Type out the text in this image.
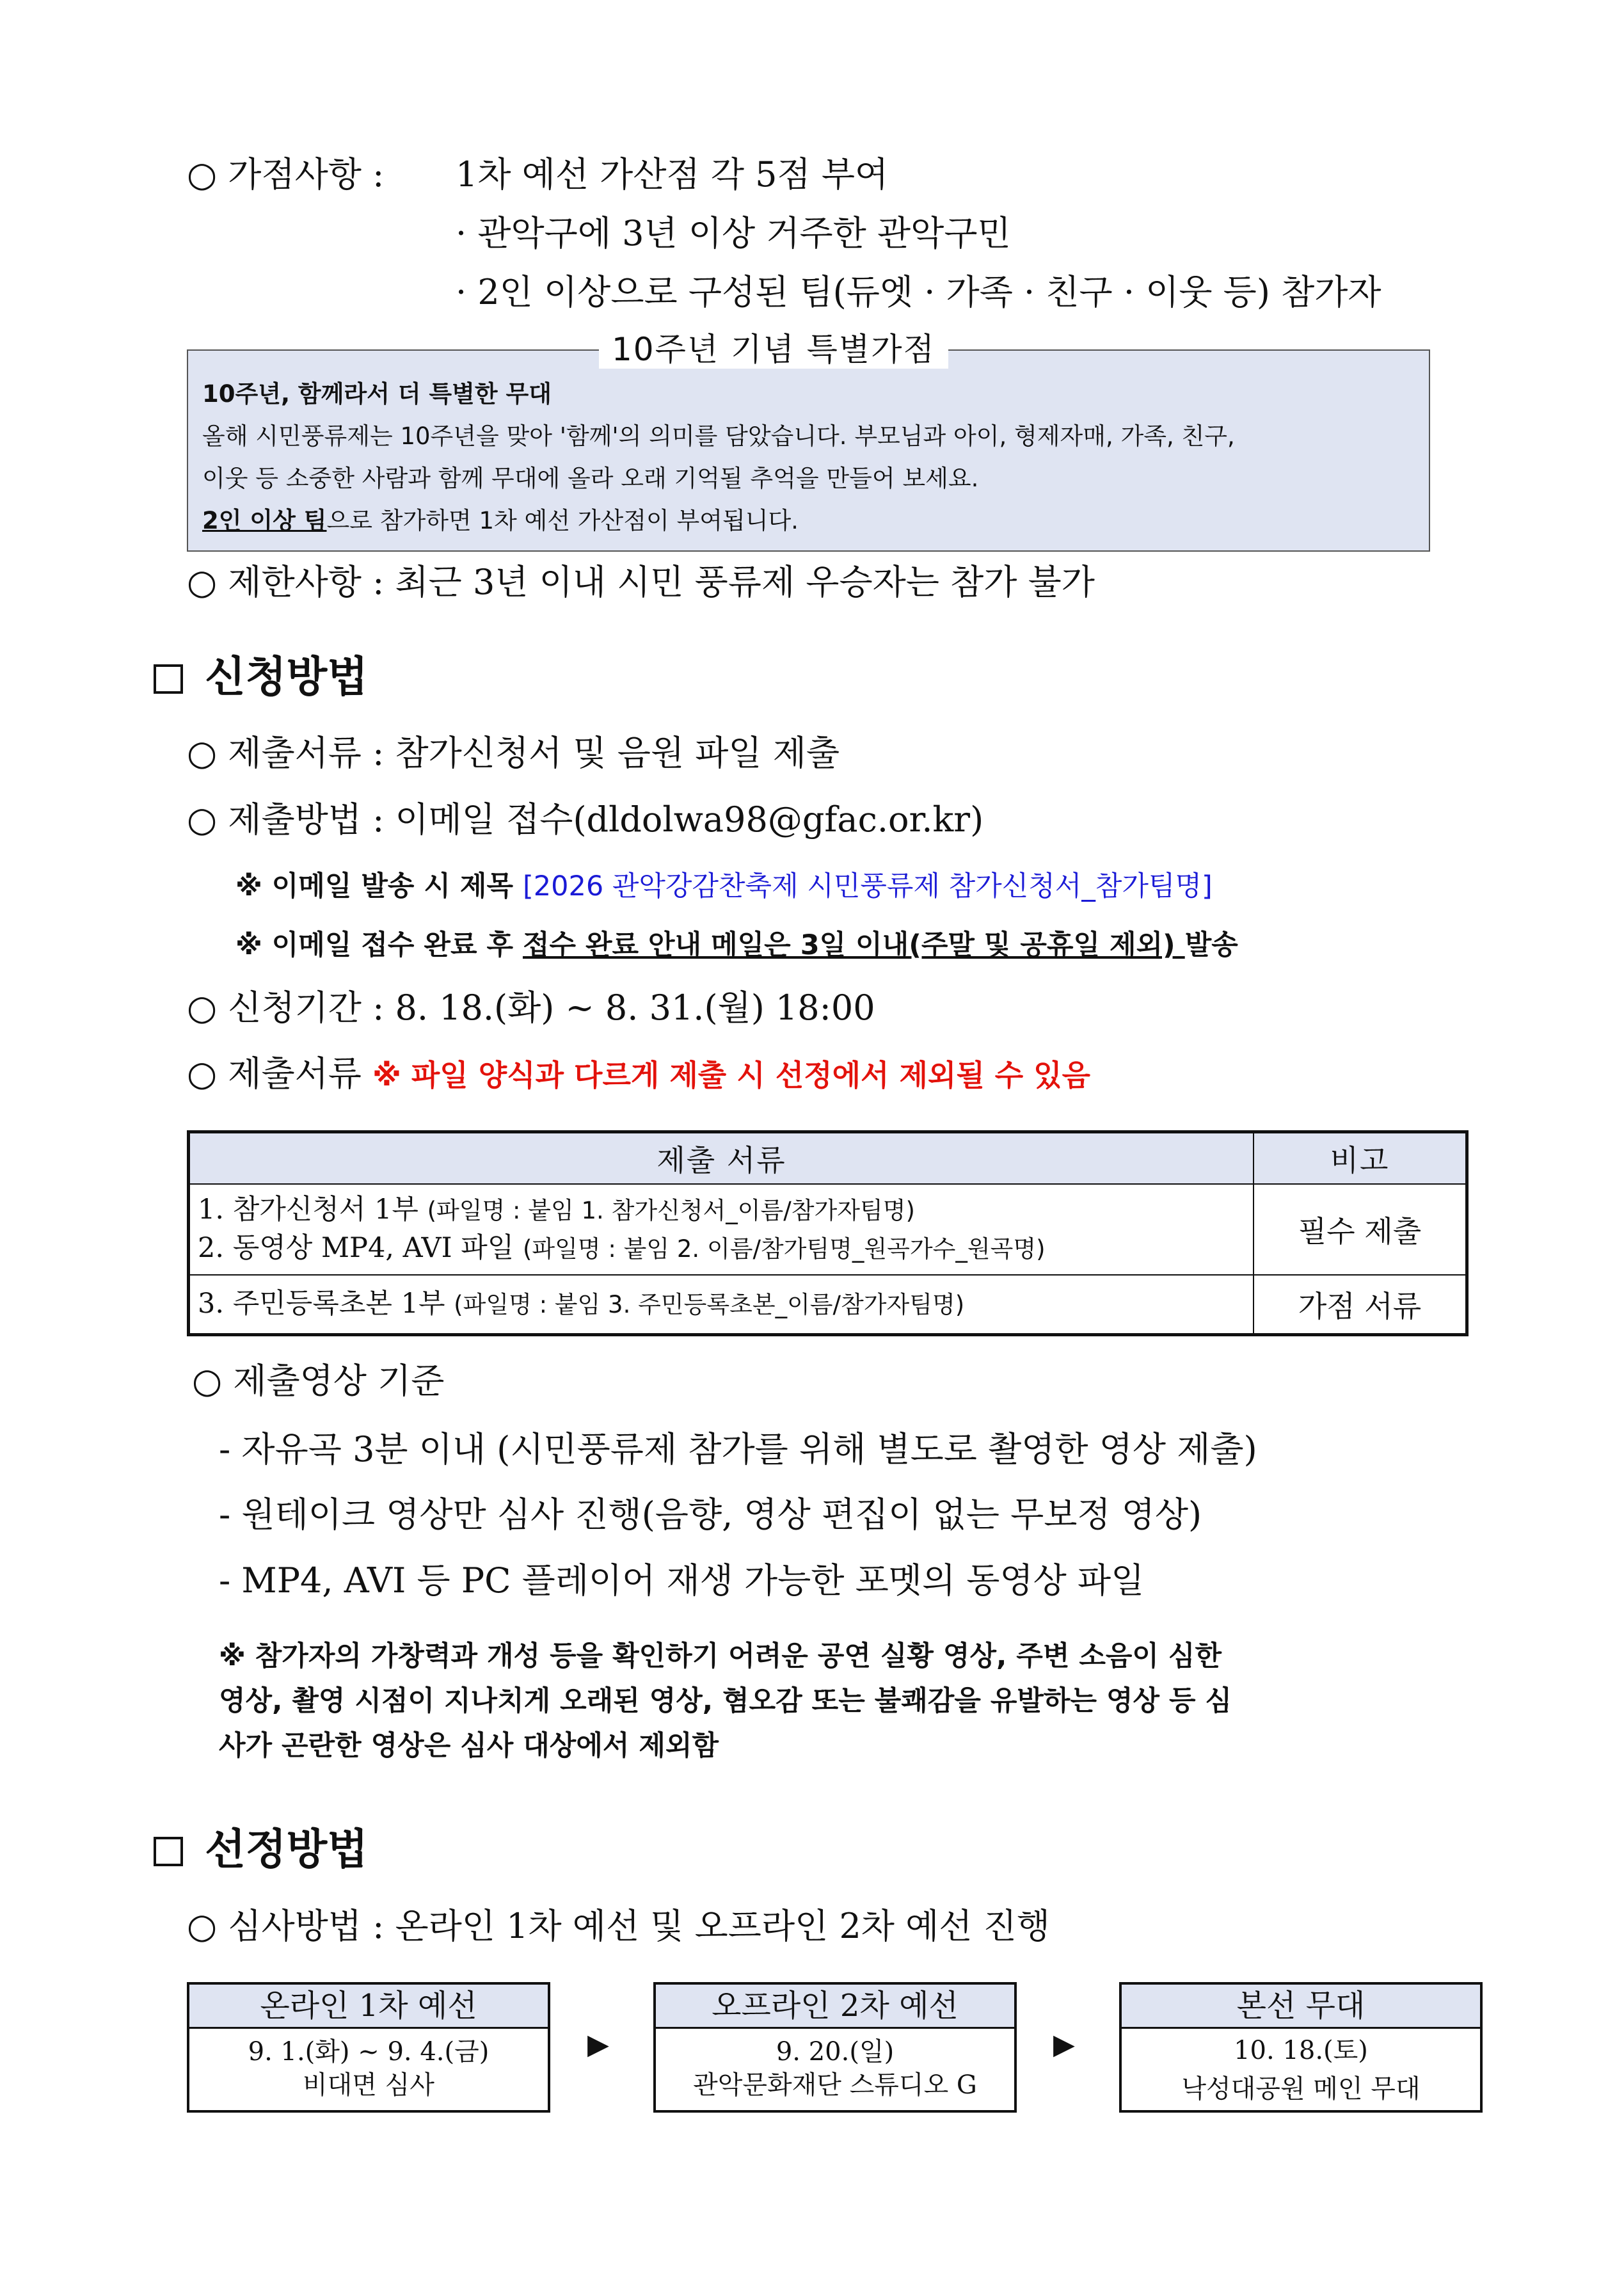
○ 가점사항 : 1차 예선 가산점 각 5점 부여
· 관악구에 3년 이상 거주한 관악구민
· 2인 이상으로 구성된 팀(듀엣 · 가족 · 친구 · 이웃 등) 참가자
10주년, 함께라서 더 특별한 무대
올해 시민풍류제는 10주년을 맞아 '함께'의 의미를 담았습니다. 부모님과 아이, 형제자매, 가족, 친구,
이웃 등 소중한 사람과 함께 무대에 올라 오래 기억될 추억을 만들어 보세요.
2인 이상 팀으로 참가하면 1차 예선 가산점이 부여됩니다.
10주년 기념 특별가점
○ 제한사항 : 최근 3년 이내 시민 풍류제 우승자는 참가 불가
신청방법
○ 제출서류 : 참가신청서 및 음원 파일 제출
○ 제출방법 : 이메일 접수(dldolwa98@gfac.or.kr)
※ 이메일 발송 시 제목 [2026 관악강감찬축제 시민풍류제 참가신청서_참가팀명]
※ 이메일 접수 완료 후 접수 완료 안내 메일은 3일 이내(주말 및 공휴일 제외) 발송
○ 신청기간 : 8. 18.(화) ~ 8. 31.(월) 18:00
○ 제출서류 ※ 파일 양식과 다르게 제출 시 선정에서 제외될 수 있음
제출 서류	비고

1. 참가신청서 1부 (파일명 : 붙임 1. 참가신청서_이름/참가자팀명)
2. 동영상 MP4, AVI 파일 (파일명 : 붙임 2. 이름/참가팀명_원곡가수_원곡명)	필수 제출
3. 주민등록초본 1부 (파일명 : 붙임 3. 주민등록초본_이름/참가자팀명)	가점 서류
○ 제출영상 기준
- 자유곡 3분 이내 (시민풍류제 참가를 위해 별도로 촬영한 영상 제출)
- 원테이크 영상만 심사 진행(음향, 영상 편집이 없는 무보정 영상)
- MP4, AVI 등 PC 플레이어 재생 가능한 포멧의 동영상 파일
※ 참가자의 가창력과 개성 등을 확인하기 어려운 공연 실황 영상, 주변 소음이 심한
영상, 촬영 시점이 지나치게 오래된 영상, 혐오감 또는 불쾌감을 유발하는 영상 등 심
사가 곤란한 영상은 심사 대상에서 제외함
선정방법
○ 심사방법 : 온라인 1차 예선 및 오프라인 2차 예선 진행
온라인 1차 예선
9. 1.(화) ~ 9. 4.(금)
비대면 심사
▶
오프라인 2차 예선
9. 20.(일)
관악문화재단 스튜디오 G
▶
본선 무대
10. 18.(토)
낙성대공원 메인 무대
